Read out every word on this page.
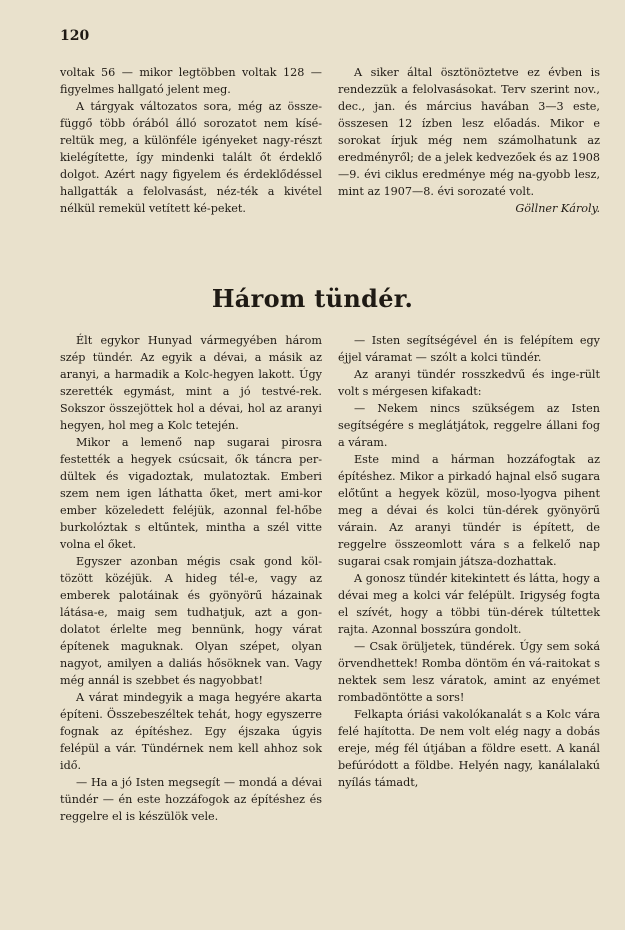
120

voltak 56 — mikor legtöbben voltak 128 — figyelmes hallgató jelent meg.

A tárgyak változatos sora, még az össze-függő több órából álló sorozatot nem kísé-reltük meg, a különféle igényeket nagy-részt kielégítette, így mindenki talált őt érdeklő dolgot. Azért nagy figyelem és érdeklődéssel hallgatták a felolvasást, néz-ték a kivétel nélkül remekül vetített ké-peket.

A siker által ösztönöztetve ez évben is rendezzük a felolvasásokat. Terv szerint nov., dec., jan. és március havában 3—3 este, összesen 12 ízben lesz előadás. Mikor e sorokat írjuk még nem számolhatunk az eredményről; de a jelek kedvezőek és az 1908—9. évi ciklus eredménye még na-gyobb lesz, mint az 1907—8. évi sorozaté volt.

Göllner Károly.

Három tündér.

Élt egykor Hunyad vármegyében három szép tündér. Az egyik a dévai, a másik az aranyi, a harmadik a Kolc-hegyen lakott. Úgy szerették egymást, mint a jó testvé-rek. Sokszor összejöttek hol a dévai, hol az aranyi hegyen, hol meg a Kolc tetején.

Mikor a lemenő nap sugarai pirosra festették a hegyek csúcsait, ők táncra per-dültek és vigadoztak, mulatoztak. Emberi szem nem igen láthatta őket, mert ami-kor ember közeledett feléjük, azonnal fel-hőbe burkolóztak s eltűntek, mintha a szél vitte volna el őket.

Egyszer azonban mégis csak gond köl-tözött közéjük. A hideg tél-e, vagy az emberek palotáinak és gyönyörű házainak látása-e, maig sem tudhatjuk, azt a gon-dolatot érlelte meg bennünk, hogy várat építenek maguknak. Olyan szépet, olyan nagyot, amilyen a daliás hősöknek van. Vagy még annál is szebbet és nagyobbat!

A várat mindegyik a maga hegyére akarta építeni. Összebeszéltek tehát, hogy egyszerre fognak az építéshez. Egy éjszaka úgyis felépül a vár. Tündérnek nem kell ahhoz sok idő.

— Ha a jó Isten megsegít — mondá a dévai tündér — én este hozzáfogok az építéshez és reggelre el is készülök vele.

— Isten segítségével én is felépítem egy éjjel váramat — szólt a kolci tündér.

Az aranyi tündér rosszkedvű és inge-rült volt s mérgesen kifakadt:

— Nekem nincs szükségem az Isten segítségére s meglátjátok, reggelre állani fog a váram.

Este mind a hárman hozzáfogtak az építéshez. Mikor a pirkadó hajnal első sugara előtűnt a hegyek közül, moso-lyogva pihent meg a dévai és kolci tün-dérek gyönyörű várain. Az aranyi tündér is épített, de reggelre összeomlott vára s a felkelő nap sugarai csak romjain játsza-dozhattak.

A gonosz tündér kitekintett és látta, hogy a dévai meg a kolci vár felépült. Irigység fogta el szívét, hogy a többi tün-dérek túltettek rajta. Azonnal bosszúra gondolt.

— Csak örüljetek, tündérek. Úgy sem soká örvendhettek! Romba döntöm én vá-raitokat s nektek sem lesz váratok, amint az enyémet rombadöntötte a sors!

Felkapta óriási vakolókanalát s a Kolc vára felé hajította. De nem volt elég nagy a dobás ereje, még fél útjában a földre esett. A kanál befúródott a földbe. Helyén nagy, kanálalakú nyílás támadt,
